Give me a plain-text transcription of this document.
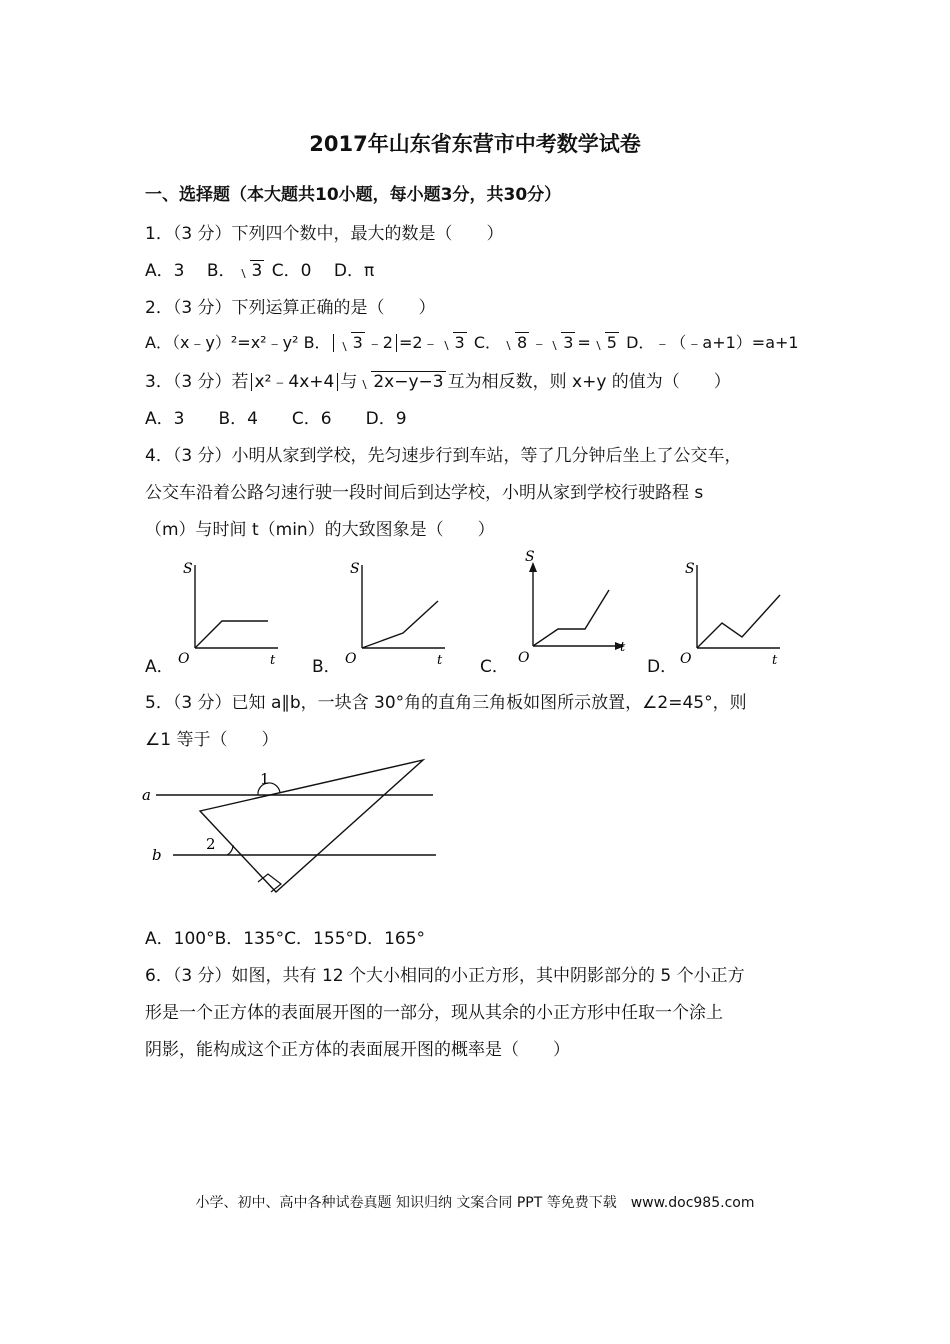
2017年山东省东营市中考数学试卷
一、选择题（本大题共10小题，每小题3分，共30分）
1．（3 分）下列四个数中，最大的数是（　　）
A．3　 B． 3 C．0　 D．π
2．（3 分）下列运算正确的是（　　）
A．（x﹣y）²=x²﹣y² B． 3 ﹣2 =2﹣ 3 C． 8 ﹣ 3 = 5 D．﹣（﹣a+1）=a+1
3．（3 分）若 x²﹣4x+4 与 2x−y−3 互为相反数，则 x+y 的值为（　　）
A．3　　B．4　　C．6　　D．9
4．（3 分）小明从家到学校，先匀速步行到车站，等了几分钟后坐上了公交车，
公交车沿着公路匀速行驶一段时间后到达学校，小明从家到学校行驶路程 s
（m）与时间 t（min）的大致图象是（　　）
A．
S
t
O	B．
S
t
O	C．
S
t
O	D．
S
t
O
5．（3 分）已知 a∥b，一块含 30°角的直角三角板如图所示放置，∠2=45°，则
∠1 等于（　　）
a
b
1
2
A．100°B．135°C．155°D．165°
6．（3 分）如图，共有 12 个大小相同的小正方形，其中阴影部分的 5 个小正方
形是一个正方体的表面展开图的一部分，现从其余的小正方形中任取一个涂上
阴影，能构成这个正方体的表面展开图的概率是（　　）
小学、初中、高中各种试卷真题 知识归纳 文案合同 PPT 等免费下载　www.doc985.com
